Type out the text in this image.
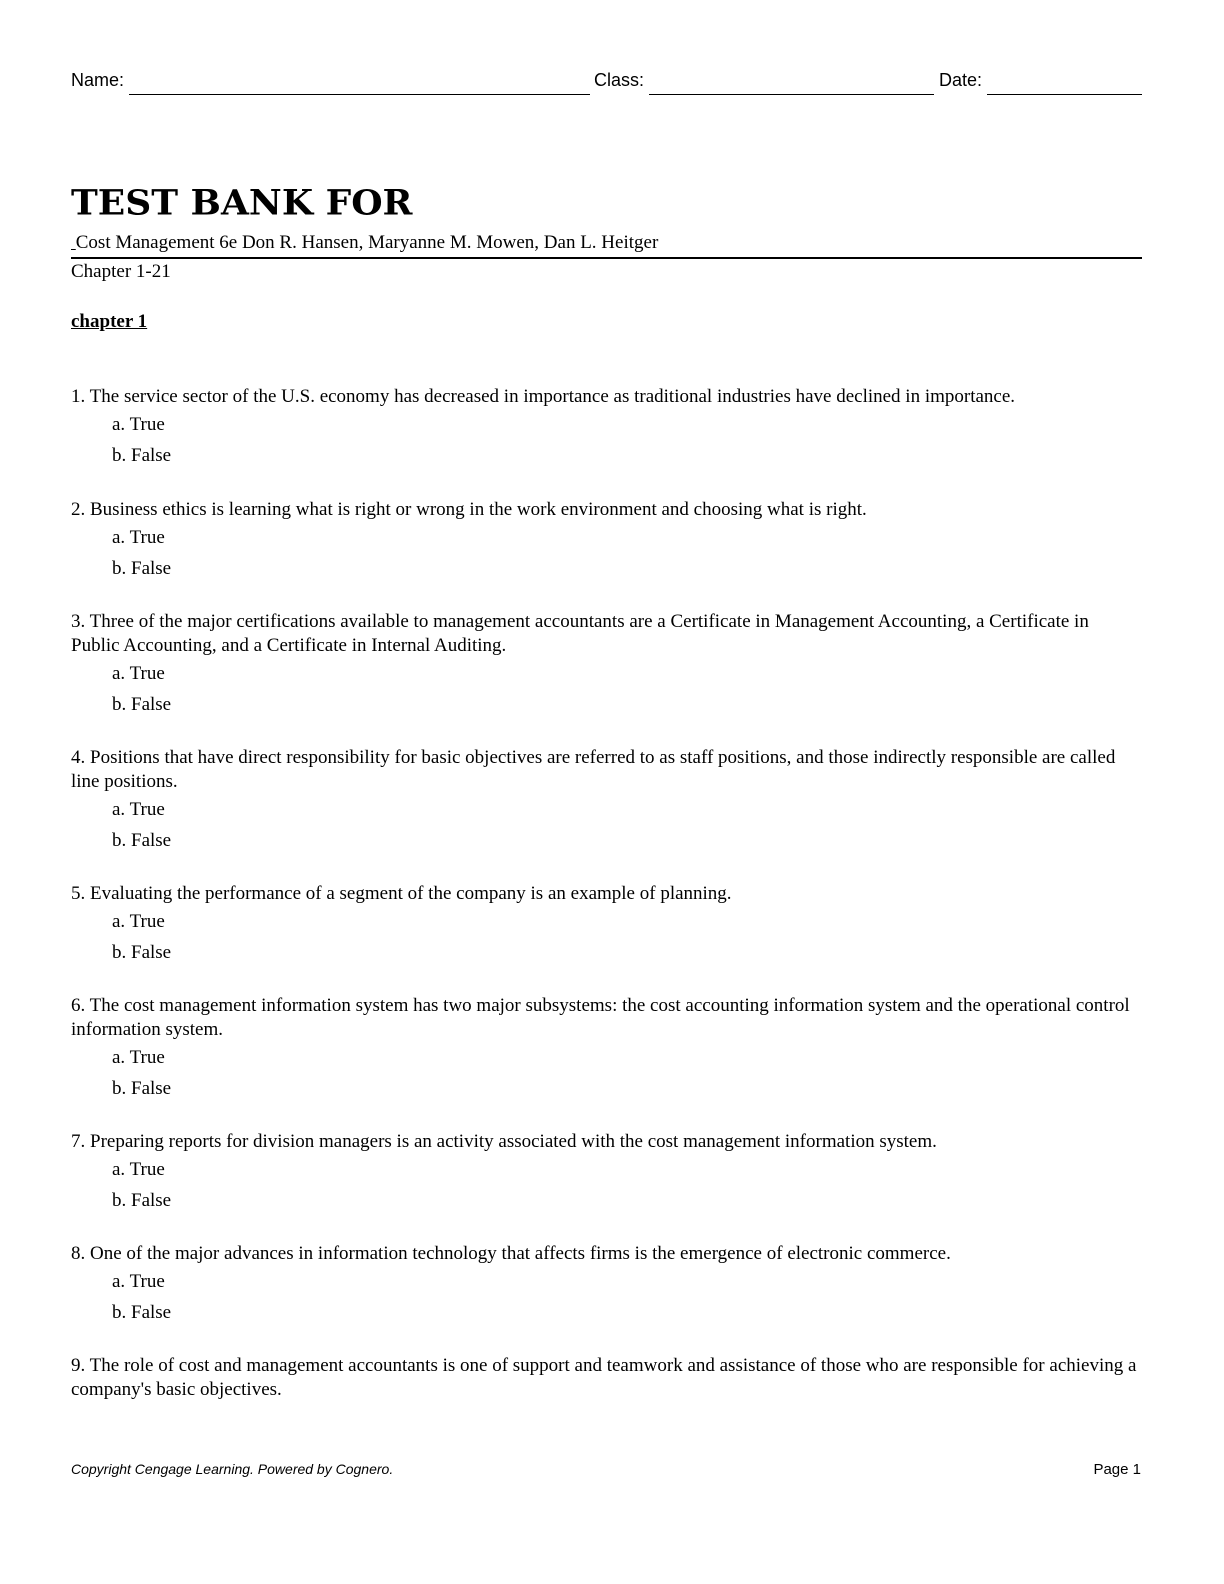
Name:	Class:	Date:
TEST BANK FOR
Cost Management 6e Don R. Hansen, Maryanne M. Mowen, Dan L. Heitger
Chapter 1-21
chapter 1

1. The service sector of the U.S. economy has decreased in importance as traditional industries have declined in importance.

a. True

b. False

2. Business ethics is learning what is right or wrong in the work environment and choosing what is right.

a. True

b. False

3. Three of the major certifications available to management accountants are a Certificate in Management Accounting, a Certificate in Public Accounting, and a Certificate in Internal Auditing.

a. True

b. False

4. Positions that have direct responsibility for basic objectives are referred to as staff positions, and those indirectly responsible are called line positions.

a. True

b. False

5. Evaluating the performance of a segment of the company is an example of planning.

a. True

b. False

6. The cost management information system has two major subsystems: the cost accounting information system and the operational control information system.

a. True

b. False

7. Preparing reports for division managers is an activity associated with the cost management information system.

a. True

b. False

8. One of the major advances in information technology that affects firms is the emergence of electronic commerce.

a. True

b. False

9. The role of cost and management accountants is one of support and teamwork and assistance of those who are responsible for achieving a company's basic objectives.

Copyright Cengage Learning. Powered by Cognero.	Page 1
